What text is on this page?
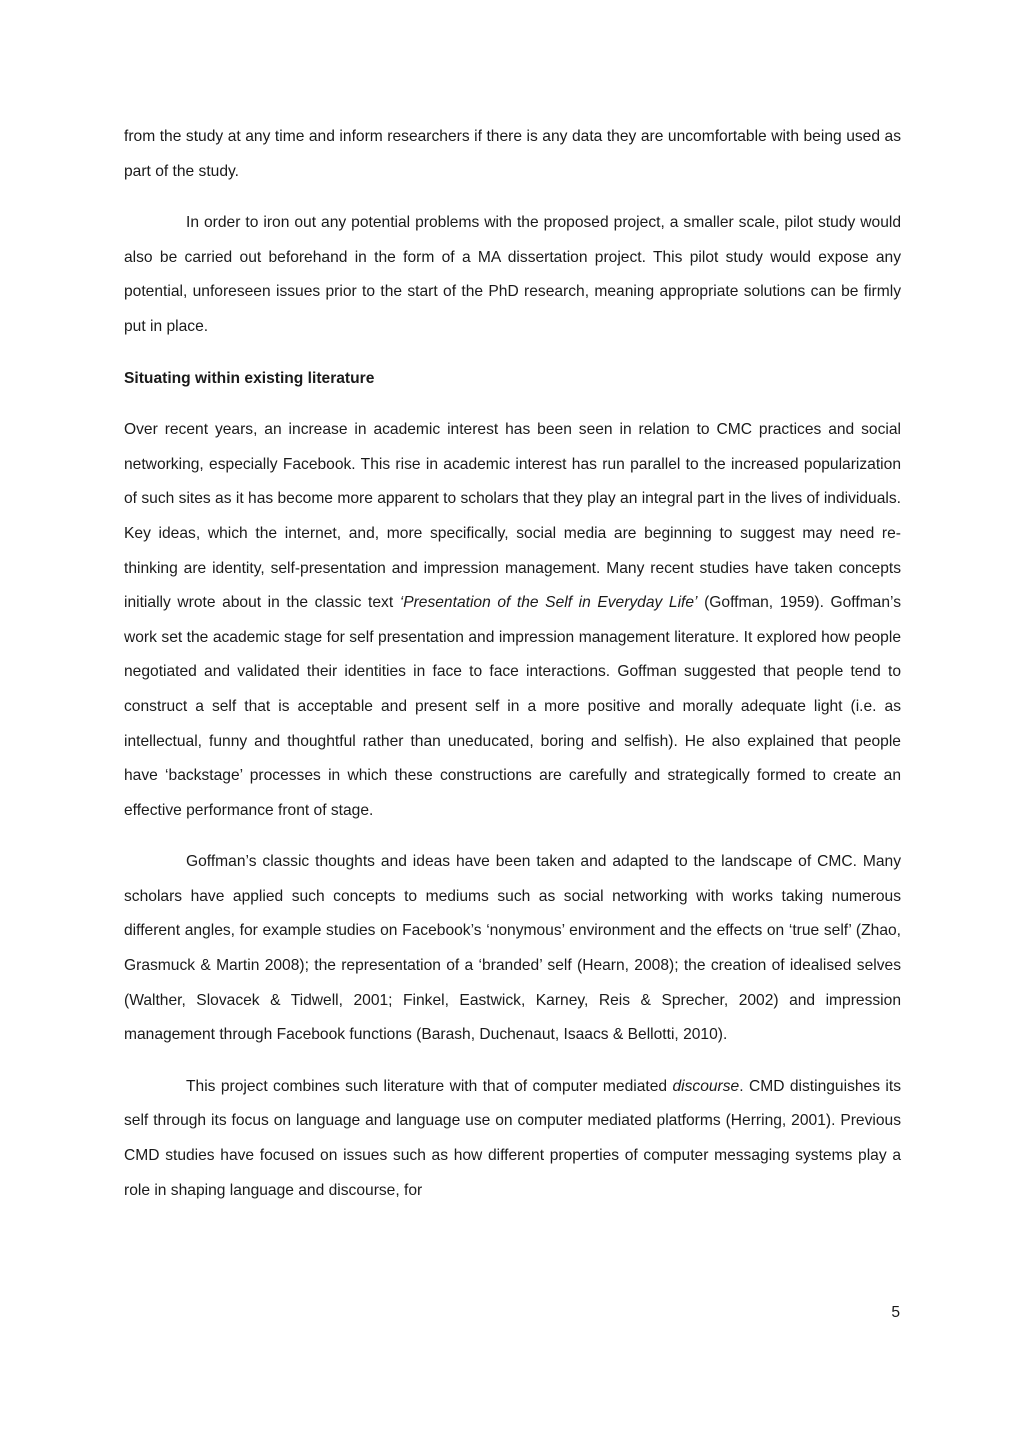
from the study at any time and inform researchers if there is any data they are uncomfortable with being used as part of the study.

In order to iron out any potential problems with the proposed project, a smaller scale, pilot study would also be carried out beforehand in the form of a MA dissertation project. This pilot study would expose any potential, unforeseen issues prior to the start of the PhD research, meaning appropriate solutions can be firmly put in place.

Situating within existing literature

Over recent years, an increase in academic interest has been seen in relation to CMC practices and social networking, especially Facebook. This rise in academic interest has run parallel to the increased popularization of such sites as it has become more apparent to scholars that they play an integral part in the lives of individuals. Key ideas, which the internet, and, more specifically, social media are beginning to suggest may need re-thinking are identity, self-presentation and impression management. Many recent studies have taken concepts initially wrote about in the classic text ‘Presentation of the Self in Everyday Life’ (Goffman, 1959). Goffman’s work set the academic stage for self presentation and impression management literature. It explored how people negotiated and validated their identities in face to face interactions. Goffman suggested that people tend to construct a self that is acceptable and present self in a more positive and morally adequate light (i.e. as intellectual, funny and thoughtful rather than uneducated, boring and selfish). He also explained that people have ‘backstage’ processes in which these constructions are carefully and strategically formed to create an effective performance front of stage.

Goffman’s classic thoughts and ideas have been taken and adapted to the landscape of CMC. Many scholars have applied such concepts to mediums such as social networking with works taking numerous different angles, for example studies on Facebook’s ‘nonymous’ environment and the effects on ‘true self’ (Zhao, Grasmuck & Martin 2008); the representation of a ‘branded’ self (Hearn, 2008); the creation of idealised selves (Walther, Slovacek & Tidwell, 2001; Finkel, Eastwick, Karney, Reis & Sprecher, 2002) and impression management through Facebook functions (Barash, Duchenaut, Isaacs & Bellotti, 2010).

This project combines such literature with that of computer mediated discourse. CMD distinguishes its self through its focus on language and language use on computer mediated platforms (Herring, 2001). Previous CMD studies have focused on issues such as how different properties of computer messaging systems play a role in shaping language and discourse, for

5
